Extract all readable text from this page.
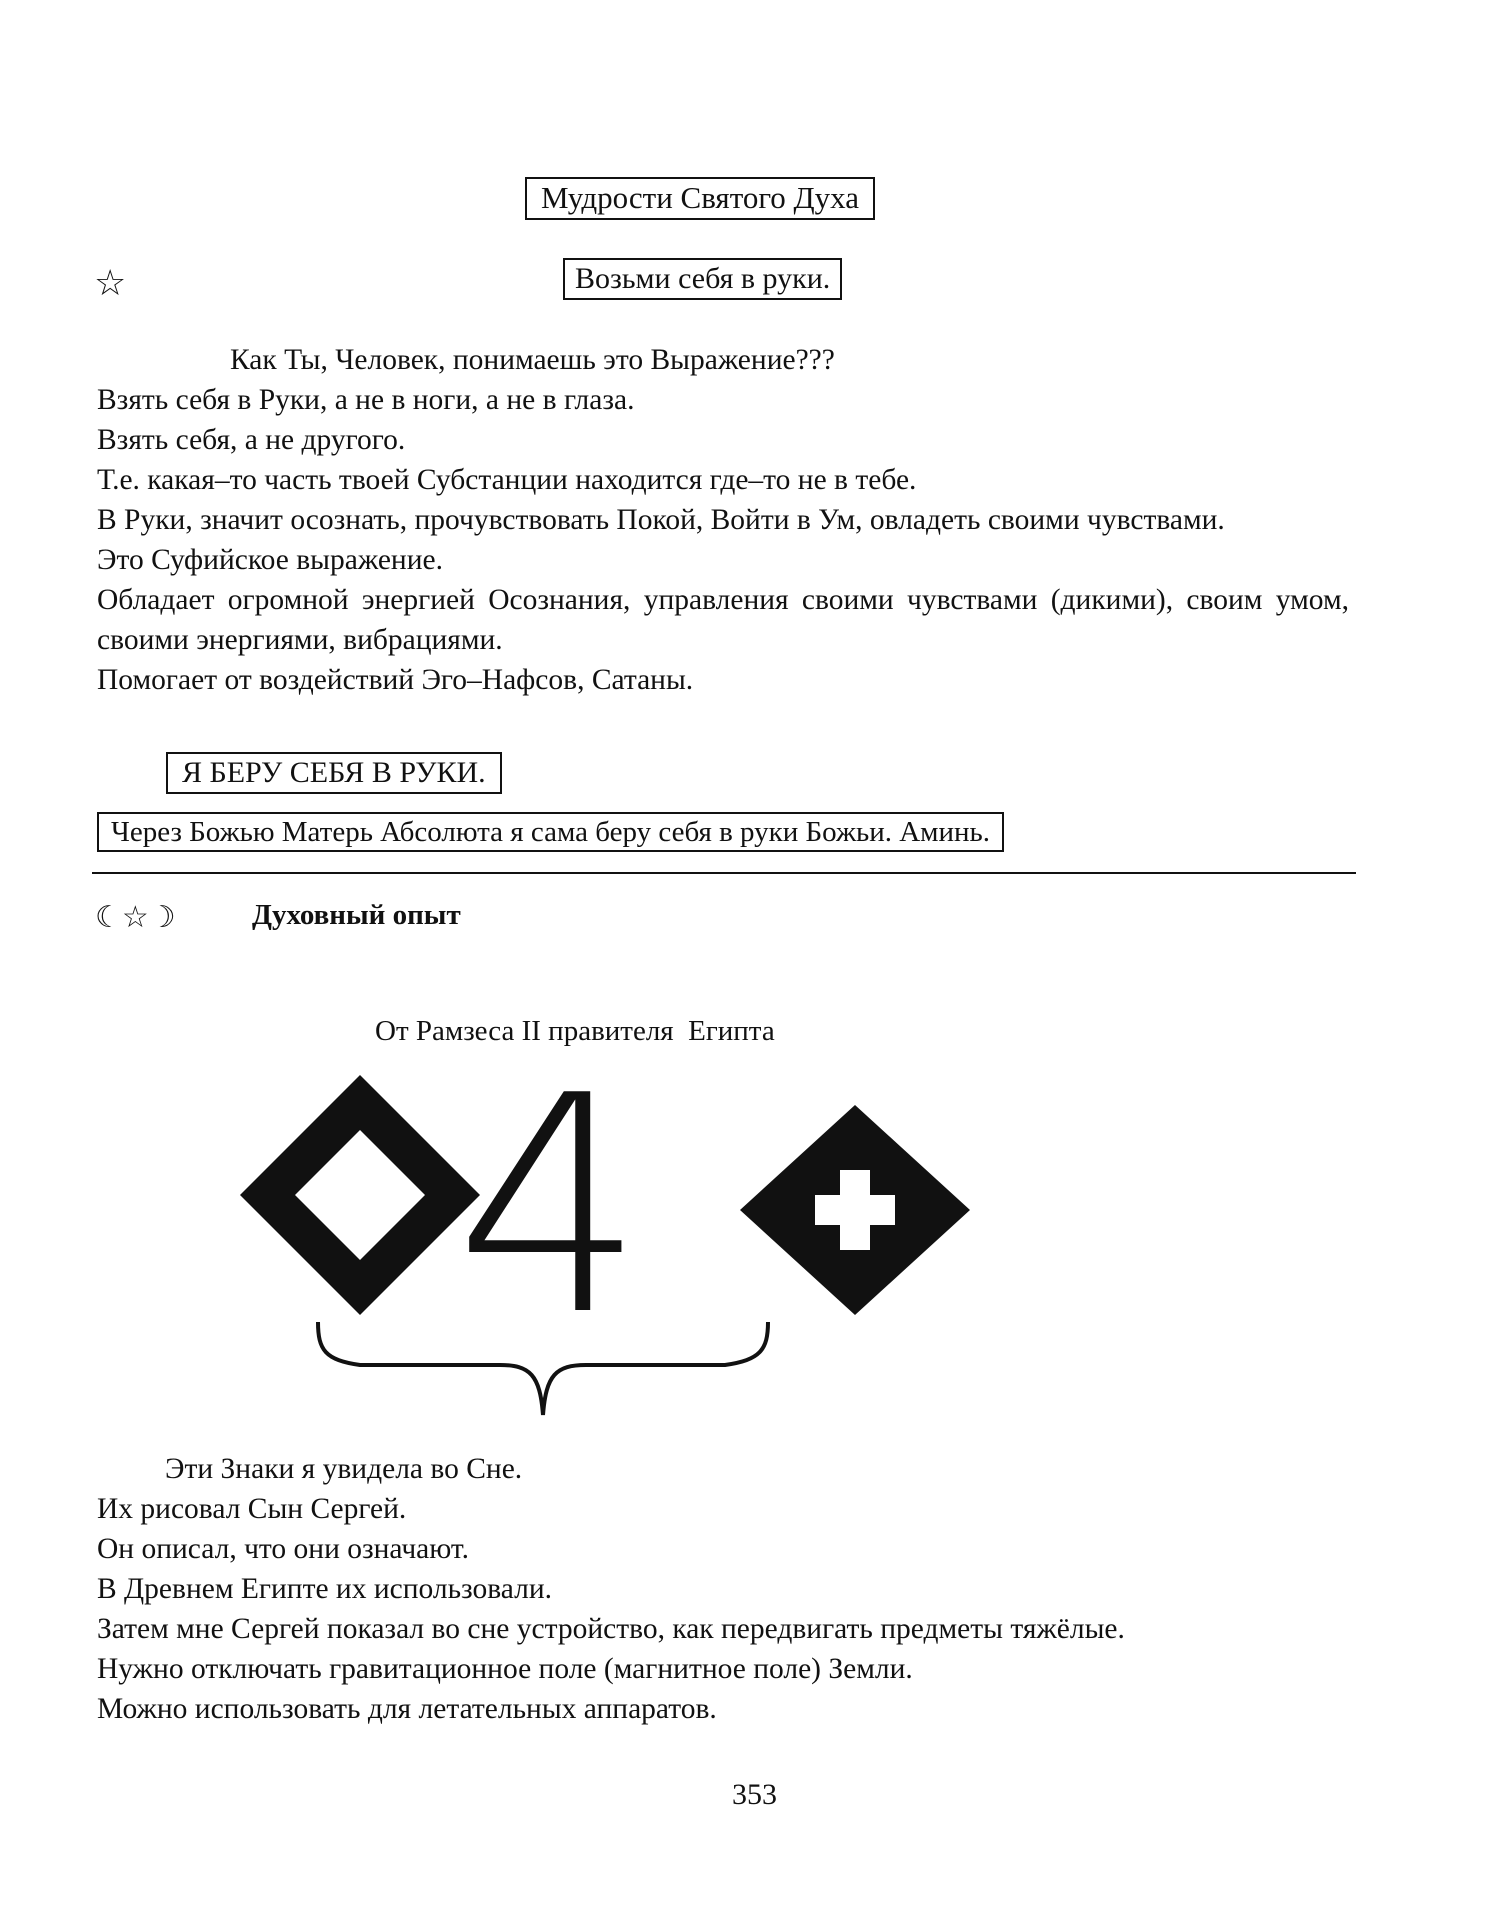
Мудрости Святого Духа
☆	Возьми себя в руки.

Как Ты, Человек, понимаешь это Выражение???

Взять себя в Руки, а не в ноги, а не в глаза.

Взять себя, а не другого.

Т.е. какая–то часть твоей Субстанции находится где–то не в тебе.

В Руки, значит осознать, прочувствовать Покой, Войти в Ум, овладеть своими чувствами.

Это Суфийское выражение.

Обладает огромной энергией Осознания, управления своими чувствами (дикими), своим умом, своими энергиями, вибрациями.

Помогает от воздействий Эго–Нафсов, Сатаны.

Я БЕРУ СЕБЯ В РУКИ.
Через Божью Матерь Абсолюта я сама беру себя в руки Божьи. Аминь.
☾☆☽	Духовный опыт
От Рамзеса II правителя  Египта
4

Эти Знаки я увидела во Сне.

Их рисовал Сын Сергей.

Он описал, что они означают.

В Древнем Египте их использовали.

Затем мне Сергей показал во сне устройство, как передвигать предметы тяжёлые.

Нужно отключать гравитационное поле (магнитное поле) Земли.

Можно использовать для летательных аппаратов.

353
